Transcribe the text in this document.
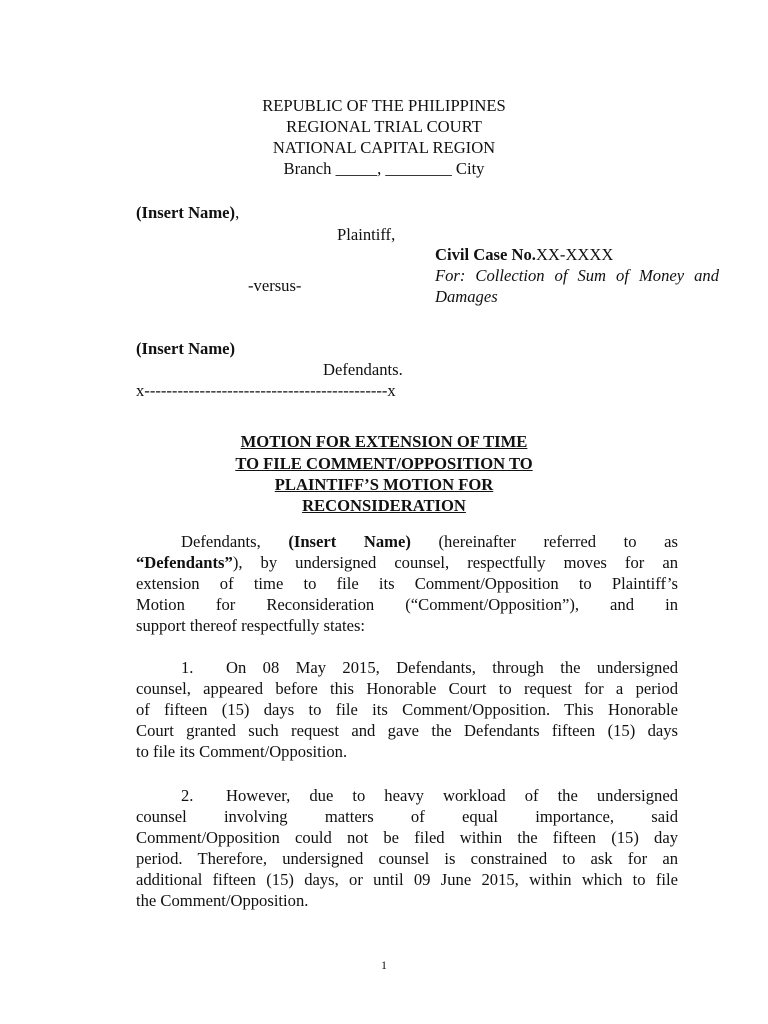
REPUBLIC OF THE PHILIPPINES
REGIONAL TRIAL COURT
NATIONAL CAPITAL REGION
Branch _____, ________ City
(Insert Name),
Plaintiff,
Civil Case No.XX-XXXX
For: Collection of Sum of Money and
Damages
-versus-
(Insert Name)
Defendants.
x--------------------------------------------x
MOTION FOR EXTENSION OF TIME
TO FILE COMMENT/OPPOSITION TO
PLAINTIFF’S MOTION FOR
RECONSIDERATION
Defendants, (Insert Name) (hereinafter referred to as
“Defendants”), by undersigned counsel, respectfully moves for an
extension of time to file its Comment/Opposition to Plaintiff’s
Motion for Reconsideration (“Comment/Opposition”), and in
support thereof respectfully states:
1. On 08 May 2015, Defendants, through the undersigned
counsel, appeared before this Honorable Court to request for a period
of fifteen (15) days to file its Comment/Opposition. This Honorable
Court granted such request and gave the Defendants fifteen (15) days
to file its Comment/Opposition.
2. However, due to heavy workload of the undersigned
counsel involving matters of equal importance, said
Comment/Opposition could not be filed within the fifteen (15) day
period. Therefore, undersigned counsel is constrained to ask for an
additional fifteen (15) days, or until 09 June 2015, within which to file
the Comment/Opposition.
1
